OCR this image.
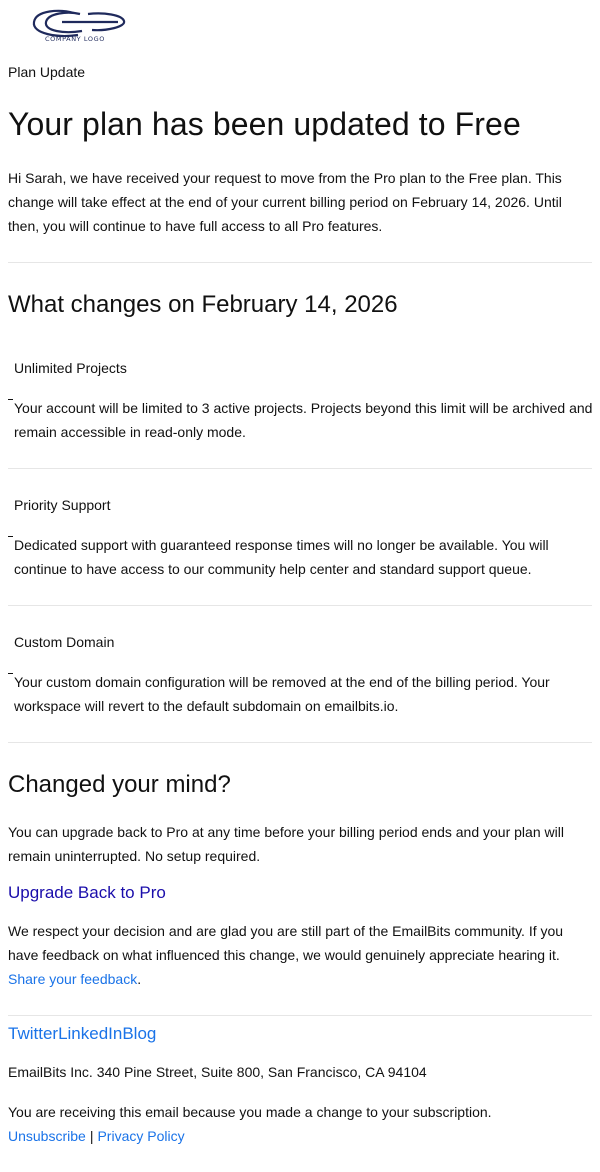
COMPANY LOGO
Plan Update
Your plan has been updated to Free

Hi Sarah, we have received your request to move from the Pro plan to the Free plan. This change will take effect at the end of your current billing period on February 14, 2026. Until then, you will continue to have full access to all Pro features.

What changes on February 14, 2026
Unlimited Projects

Your account will be limited to 3 active projects. Projects beyond this limit will be archived and remain accessible in read-only mode.

Priority Support

Dedicated support with guaranteed response times will no longer be available. You will continue to have access to our community help center and standard support queue.

Custom Domain

Your custom domain configuration will be removed at the end of the billing period. Your workspace will revert to the default subdomain on emailbits.io.

Changed your mind?

You can upgrade back to Pro at any time before your billing period ends and your plan will remain uninterrupted. No setup required.

Upgrade Back to Pro

We respect your decision and are glad you are still part of the EmailBits community. If you have feedback on what influenced this change, we would genuinely appreciate hearing it. Share your feedback.

TwitterLinkedInBlog
EmailBits Inc. 340 Pine Street, Suite 800, San Francisco, CA 94104
You are receiving this email because you made a change to your subscription.
Unsubscribe | Privacy Policy
